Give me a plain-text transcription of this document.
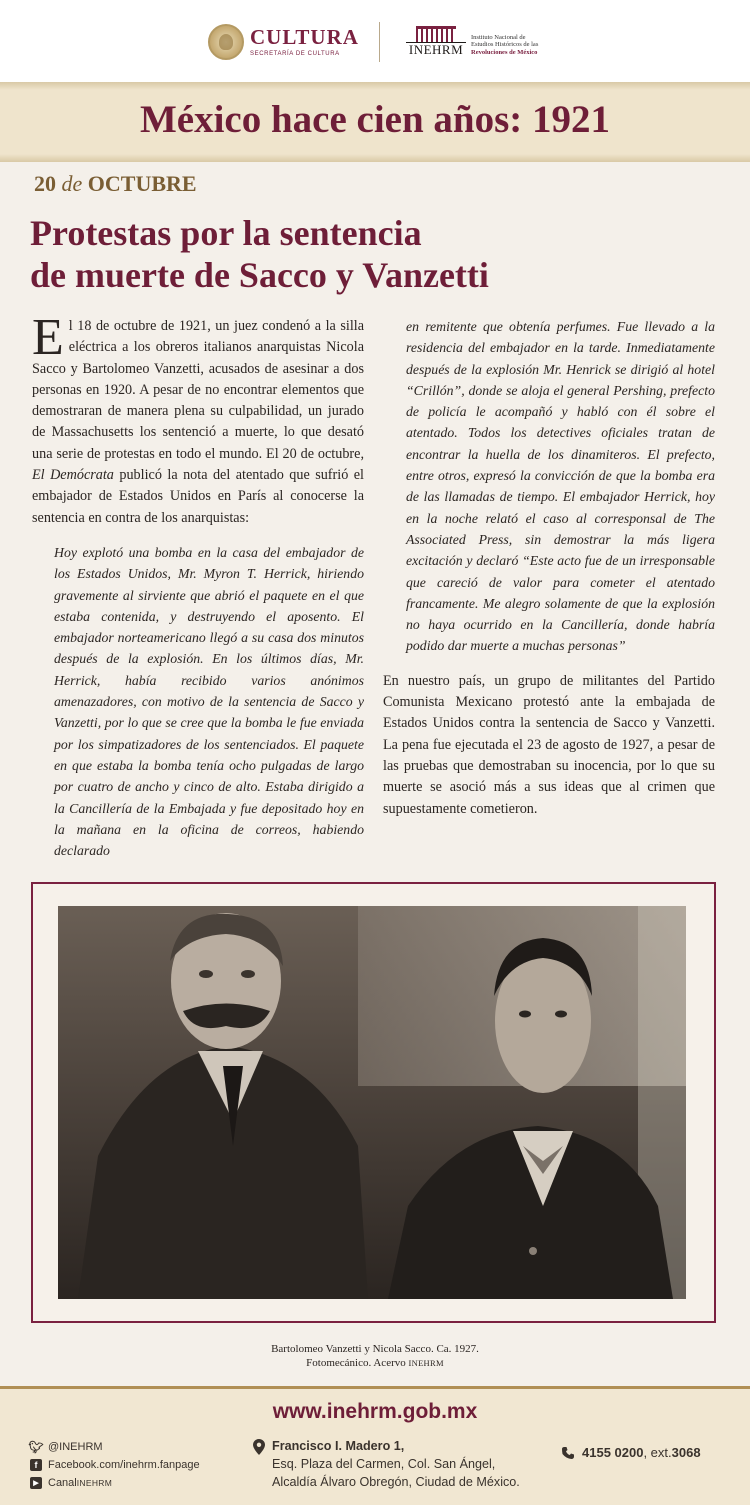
CULTURA
SECRETARÍA DE CULTURA	INEHRM
Instituto Nacional de
Estudios Históricos de las
Revoluciones de México
México hace cien años: 1921
20 de OCTUBRE
Protestas por la sentencia
de muerte de Sacco y Vanzetti

El 18 de octubre de 1921, un juez condenó a la silla eléctrica a los obreros italianos anarquistas Nicola Sacco y Bartolomeo Vanzetti, acusados de asesinar a dos personas en 1920. A pesar de no encontrar elementos que demostraran de manera plena su culpabilidad, un jurado de Massachusetts los sentenció a muerte, lo que desató una serie de protestas en todo el mundo. El 20 de octubre, El Demócrata publicó la nota del atentado que sufrió el embajador de Estados Unidos en París al conocerse la sentencia en contra de los anarquistas:

Hoy explotó una bomba en la casa del embajador de los Estados Unidos, Mr. Myron T. Herrick, hiriendo gravemente al sirviente que abrió el paquete en el que estaba contenida, y destruyendo el aposento. El embajador norteamericano llegó a su casa dos minutos después de la explosión. En los últimos días, Mr. Herrick, había recibido varios anónimos amenazadores, con motivo de la sentencia de Sacco y Vanzetti, por lo que se cree que la bomba le fue enviada por los simpatizadores de los sentenciados. El paquete en que estaba la bomba tenía ocho pulgadas de largo por cuatro de ancho y cinco de alto. Estaba dirigido a la Cancillería de la Embajada y fue depositado hoy en la mañana en la oficina de correos, habiendo declarado

en remitente que obtenía perfumes. Fue llevado a la residencia del embajador en la tarde. Inmediatamente después de la explosión Mr. Henrick se dirigió al hotel “Crillón”, donde se aloja el general Pershing, prefecto de policía le acompañó y habló con él sobre el atentado. Todos los detectives oficiales tratan de encontrar la huella de los dinamiteros. El prefecto, entre otros, expresó la convicción de que la bomba era de las llamadas de tiempo. El embajador Herrick, hoy en la noche relató el caso al corresponsal de The Associated Press, sin demostrar la más ligera excitación y declaró “Este acto fue de un irresponsable que careció de valor para cometer el atentado francamente. Me alegro solamente de que la explosión no haya ocurrido en la Cancillería, donde habría podido dar muerte a muchas personas”

En nuestro país, un grupo de militantes del Partido Comunista Mexicano protestó ante la embajada de Estados Unidos contra la sentencia de Sacco y Vanzetti. La pena fue ejecutada el 23 de agosto de 1927, a pesar de las pruebas que demostraban su inocencia, por lo que su muerte se asoció más a sus ideas que al crimen que supuestamente cometieron.

Bartolomeo Vanzetti y Nicola Sacco. Ca. 1927.
Fotomecánico. Acervo INEHRM
www.inehrm.gob.mx
🐦︎ @INEHRM
f Facebook.com/inehrm.fanpage
▶ Canal INEHRM
Francisco I. Madero 1,
Esq. Plaza del Carmen, Col. San Ángel,
Alcaldía Álvaro Obregón, Ciudad de México.
4155 0200 , ext. 3068
